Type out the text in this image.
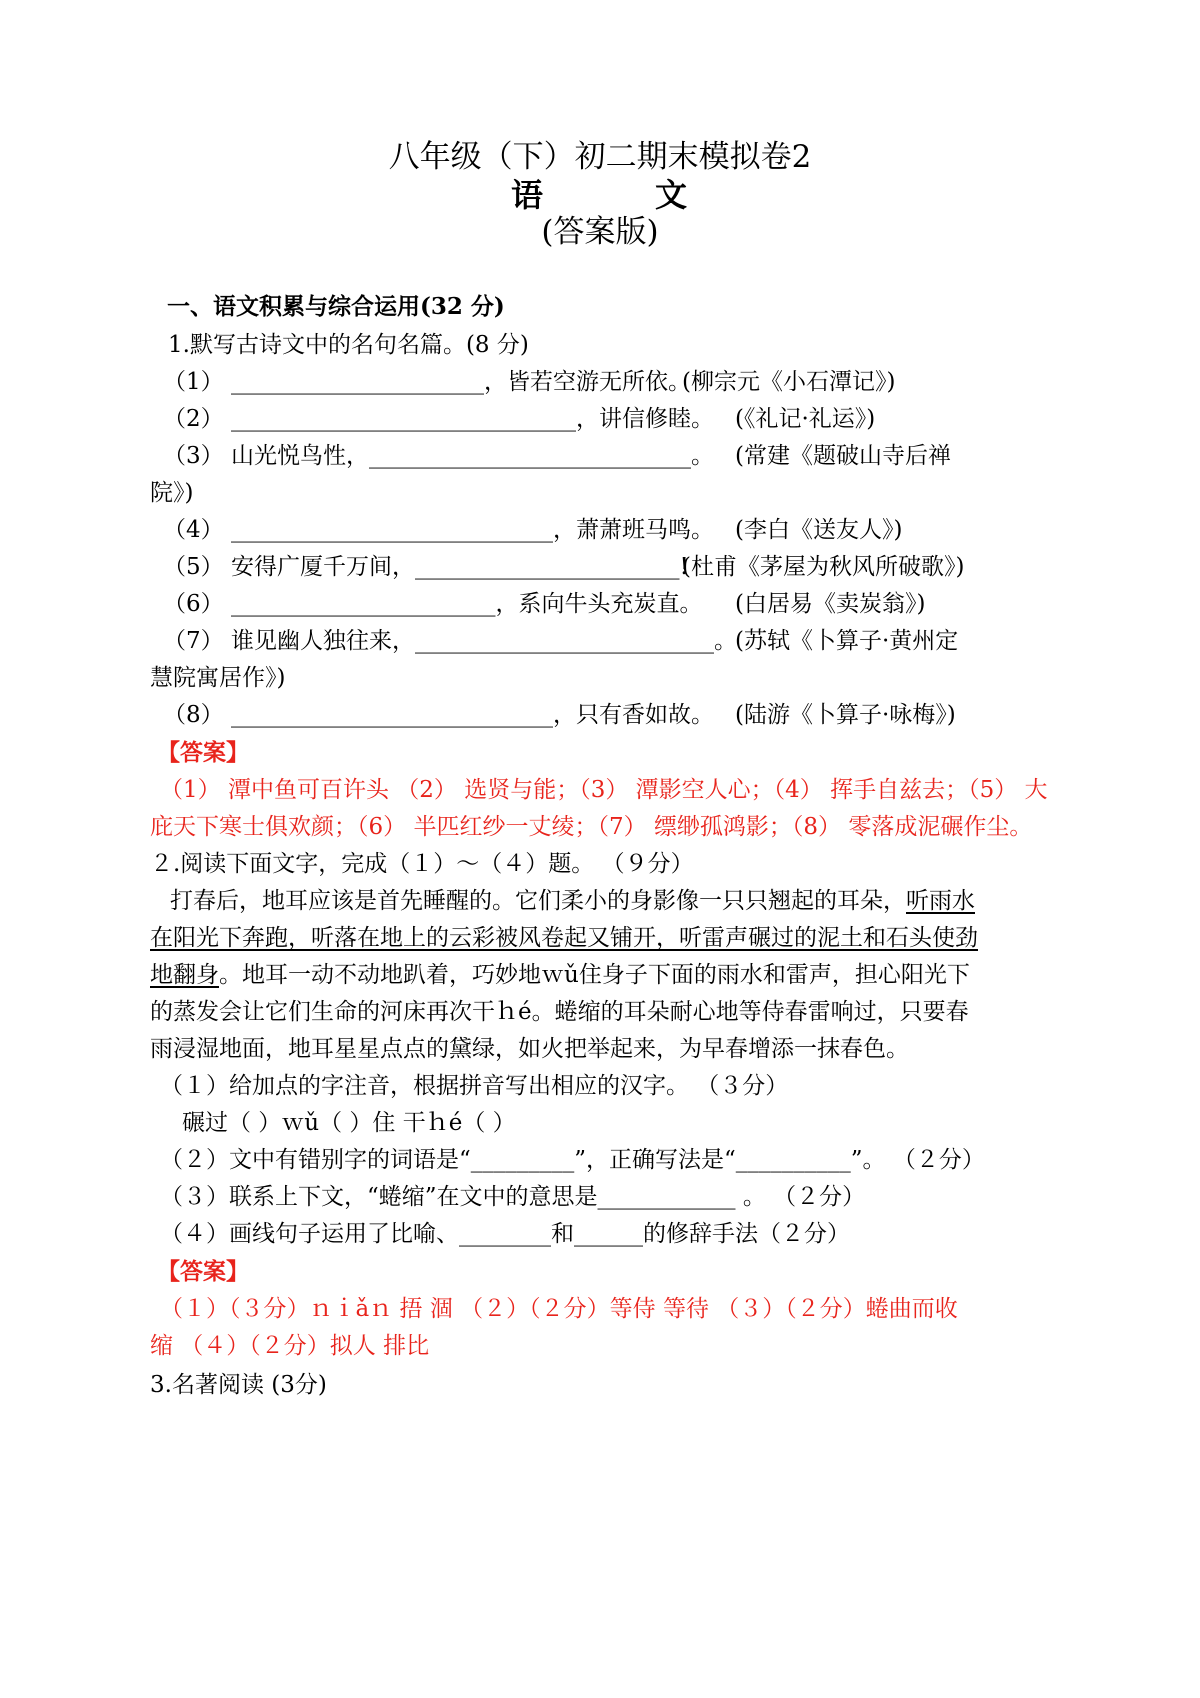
八年级（下）初二期末模拟卷2
语	文
(答案版)
一、语文积累与综合运用(32 分)
1.默写古诗文中的名句名篇。(8 分)
（1） ______________________，皆若空游无所依。
(柳宗元《小石潭记》)
（2） ______________________________，讲信修睦。 (《礼记·礼运》)
（3） 山光悦鸟性，____________________________。 (常建《题破山寺后禅
院》)
（4） ____________________________，萧萧班马鸣。 (李白《送友人》)
（5） 安得广厦千万间，_______________________!
(杜甫《茅屋为秋风所破歌》)
（6） _______________________，系向牛头充炭直。 (白居易《卖炭翁》)
（7） 谁见幽人独往来，__________________________。
(苏轼《卜算子·黄州定
慧院寓居作》)
（8） ____________________________，只有香如故。 (陆游《卜算子·咏梅》)
【答案】
（1） 潭中鱼可百许头 （2） 选贤与能；（3） 潭影空人心；（4） 挥手自兹去；（5） 大
庇天下寒士俱欢颜；（6） 半匹红纱一丈绫；（7） 缥缈孤鸿影；（8） 零落成泥碾作尘。
２.阅读下面文字，完成（１）～（４）题。 （９分）
打春后，地耳应该是首先睡醒的。它们柔小的身影像一只只翘起的耳朵，听雨水
在阳光下奔跑，听落在地上的云彩被风卷起又铺开，听雷声碾过的泥土和石头使劲
地翻身。地耳一动不动地趴着，巧妙地ｗǔ住身子下面的雨水和雷声，担心阳光下
的蒸发会让它们生命的河床再次干ｈé。蜷缩的耳朵耐心地等侍春雷响过，只要春
雨浸湿地面，地耳星星点点的黛绿，如火把举起来，为早春增添一抹春色。
（１）给加点的字注音，根据拼音写出相应的汉字。 （３分）
碾过（ ）ｗǔ（ ）住 干ｈé（ ）
（２）文中有错别字的词语是“_________”，正确写法是“__________”。 （２分）
（３）联系上下文，“蜷缩”在文中的意思是____________ 。 （２分）
（４）画线句子运用了比喻、________和______的修辞手法（２分）
【答案】
（１）（３分）ｎｉǎｎ 捂 涸 （２）（２分）等侍 等待 （３）（２分）蜷曲而收
缩 （４）（２分）拟人 排比
3.名著阅读 (3分)
